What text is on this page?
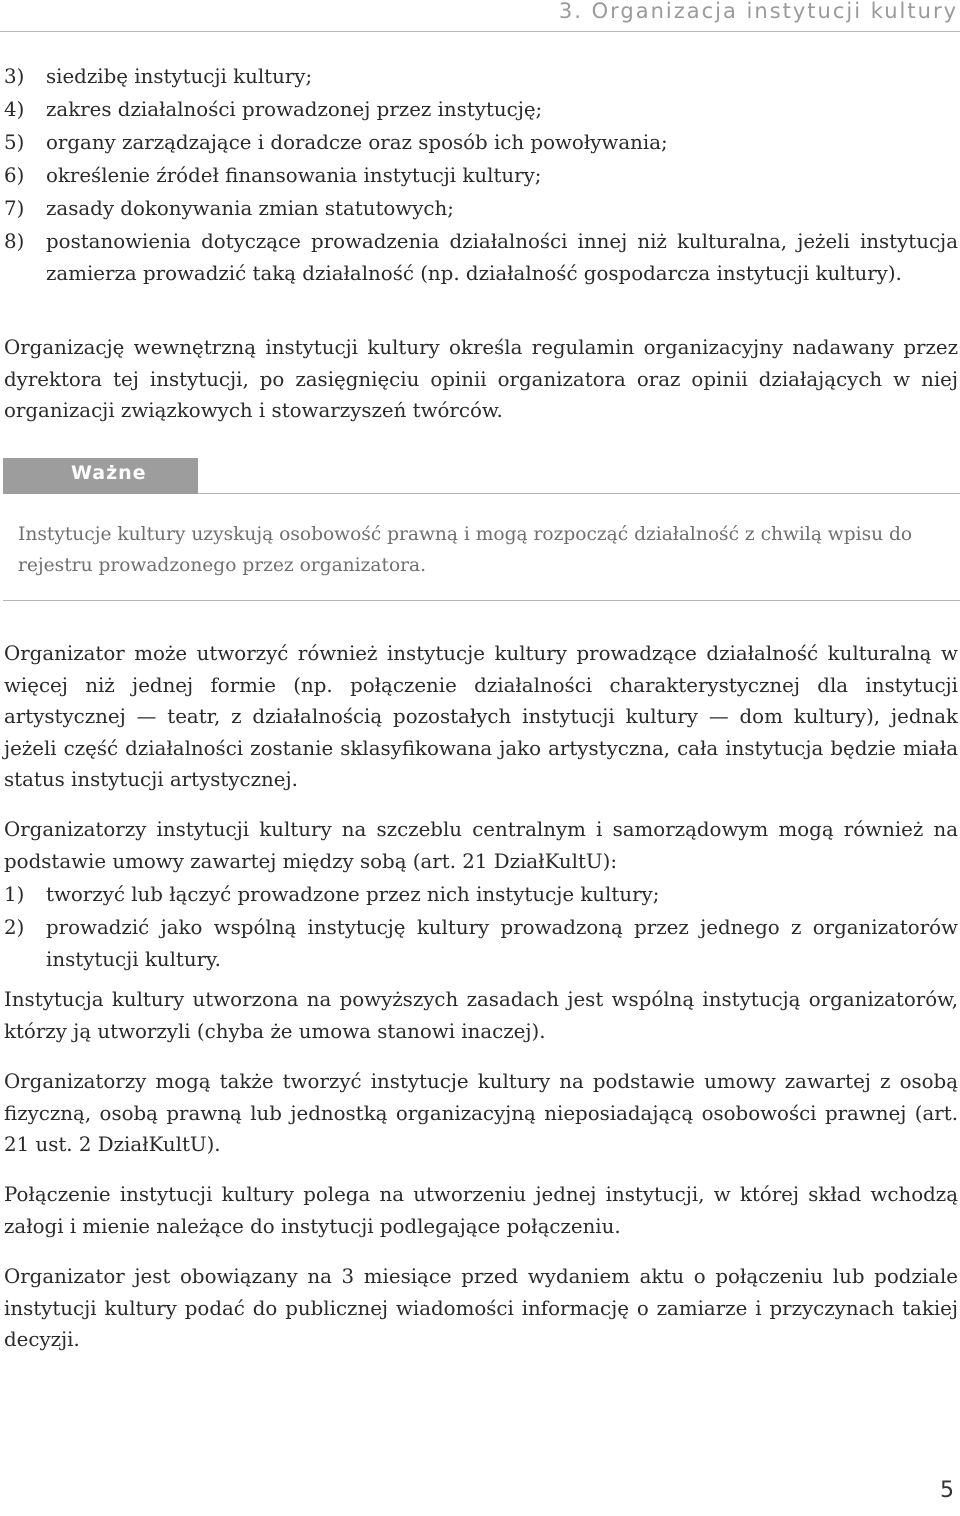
3. Organizacja instytucji kultury
3) siedzibę instytucji kultury;
4) zakres działalności prowadzonej przez instytucję;
5) organy zarządzające i doradcze oraz sposób ich powoływania;
6) określenie źródeł finansowania instytucji kultury;
7) zasady dokonywania zmian statutowych;
8) postanowienia dotyczące prowadzenia działalności innej niż kulturalna, jeżeli instytucja zamierza prowadzić taką działalność (np. działalność gospodarcza instytucji kultury).

Organizację wewnętrzną instytucji kultury określa regulamin organizacyjny nadawany przez dyrektora tej instytucji, po zasięgnięciu opinii organizatora oraz opinii działających w niej organizacji związkowych i stowarzyszeń twórców.

Ważne
Instytucje kultury uzyskują osobowość prawną i mogą rozpocząć działalność z chwilą wpisu do rejestru prowadzonego przez organizatora.

Organizator może utworzyć również instytucje kultury prowadzące działalność kulturalną w więcej niż jednej formie (np. połączenie działalności charakterystycznej dla instytucji artystycznej — teatr, z działalnością pozostałych instytucji kultury — dom kultury), jednak jeżeli część działalności zostanie sklasyfikowana jako artystyczna, cała instytucja będzie miała status instytucji artystycznej.

Organizatorzy instytucji kultury na szczeblu centralnym i samorządowym mogą również na podstawie umowy zawartej między sobą (art. 21 DziałKultU):

1) tworzyć lub łączyć prowadzone przez nich instytucje kultury;
2) prowadzić jako wspólną instytucję kultury prowadzoną przez jednego z organizatorów instytucji kultury.

Instytucja kultury utworzona na powyższych zasadach jest wspólną instytucją organizatorów, którzy ją utworzyli (chyba że umowa stanowi inaczej).

Organizatorzy mogą także tworzyć instytucje kultury na podstawie umowy zawartej z osobą fizyczną, osobą prawną lub jednostką organizacyjną nieposiadającą osobowości prawnej (art. 21 ust. 2 DziałKultU).

Połączenie instytucji kultury polega na utworzeniu jednej instytucji, w której skład wchodzą załogi i mienie należące do instytucji podlegające połączeniu.

Organizator jest obowiązany na 3 miesiące przed wydaniem aktu o połączeniu lub podziale instytucji kultury podać do publicznej wiadomości informację o zamiarze i przyczynach takiej decyzji.

5
